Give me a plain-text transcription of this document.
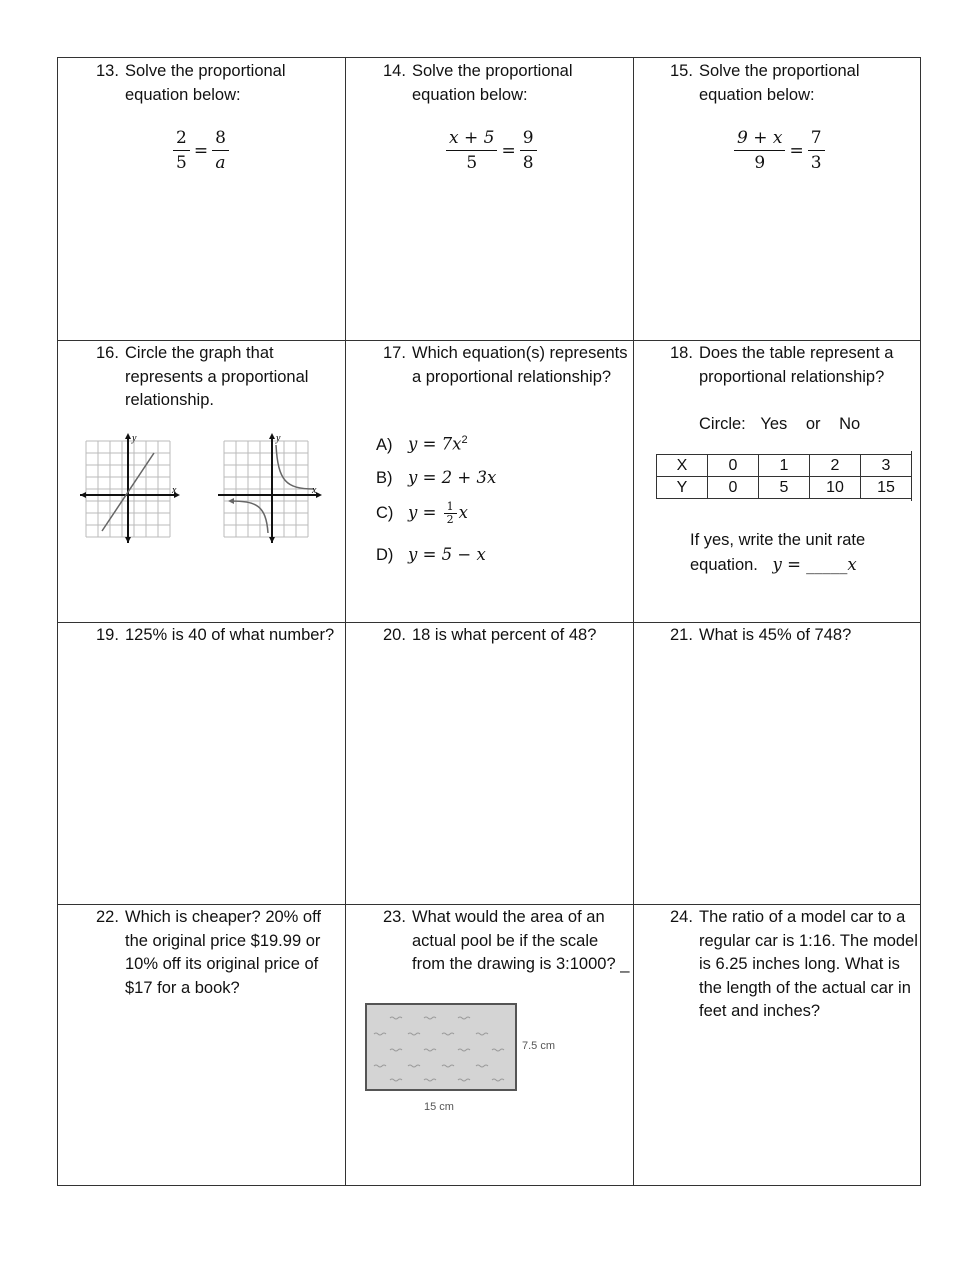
13. Solve the proportional equation below:
$\frac{2}{5} = \frac{8}{a}$
14. Solve the proportional equation below:
$\frac{x + 5}{5} = \frac{9}{8}$
15. Solve the proportional equation below:
$\frac{9 + x}{9} = \frac{7}{3}$
16. Circle the graph that represents a proportional relationship.
y
x
y
x
17. Which equation(s) represents a proportional relationship?
A) $y = 7x^2$
B) y = 2 + 3x
C) $y = \frac{1}{2}$ x
D) y = 5 − x
18. Does the table represent a proportional relationship?
Circle: Yes or No
X	0	1	2	3
Y	0	5	10	15
If yes, write the unit rate equation. y = _____x
19. 125% is 40 of what number?	20. 18 is what percent of 48?	21. What is 45% of 748?
22. Which is cheaper? 20% off the original price $19.99 or 10% off its original price of $17 for a book?
23. What would the area of an actual pool be if the scale from the drawing is 3:1000? _
7.5 cm
15 cm
24. The ratio of a model car to a regular car is 1:16. The model is 6.25 inches long. What is the length of the actual car in feet and inches?
